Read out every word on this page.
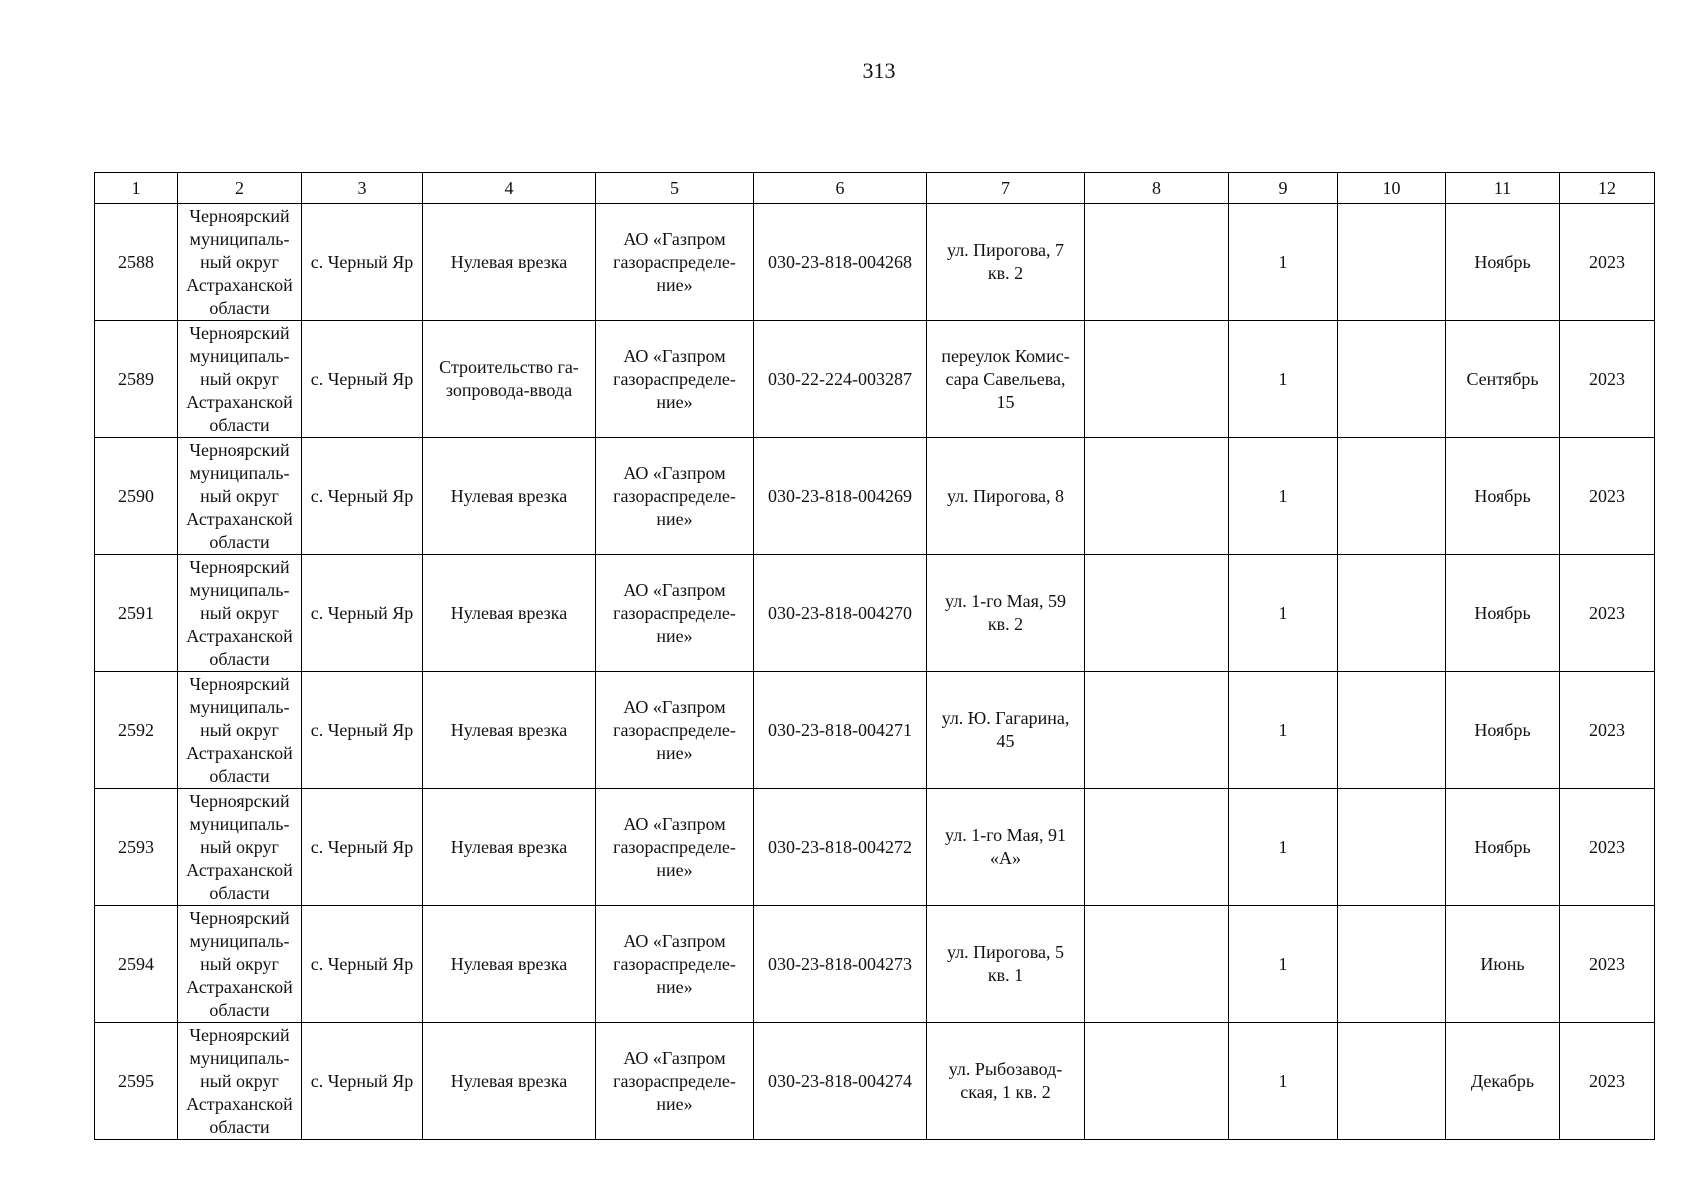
313
1	2	3	4	5	6	7	8	9	10	11	12
2588	Черноярский
муниципаль-
ный округ
Астраханской
области	с. Черный Яр	Нулевая врезка	АО «Газпром
газораспределе-
ние»	030-23-818-004268	ул. Пирогова, 7
кв. 2		1		Ноябрь	2023
2589	Черноярский
муниципаль-
ный округ
Астраханской
области	с. Черный Яр	Строительство га-
зопровода-ввода	АО «Газпром
газораспределе-
ние»	030-22-224-003287	переулок Комис-
сара Савельева,
15		1		Сентябрь	2023
2590	Черноярский
муниципаль-
ный округ
Астраханской
области	с. Черный Яр	Нулевая врезка	АО «Газпром
газораспределе-
ние»	030-23-818-004269	ул. Пирогова, 8		1		Ноябрь	2023
2591	Черноярский
муниципаль-
ный округ
Астраханской
области	с. Черный Яр	Нулевая врезка	АО «Газпром
газораспределе-
ние»	030-23-818-004270	ул. 1-го Мая, 59
кв. 2		1		Ноябрь	2023
2592	Черноярский
муниципаль-
ный округ
Астраханской
области	с. Черный Яр	Нулевая врезка	АО «Газпром
газораспределе-
ние»	030-23-818-004271	ул. Ю. Гагарина,
45		1		Ноябрь	2023
2593	Черноярский
муниципаль-
ный округ
Астраханской
области	с. Черный Яр	Нулевая врезка	АО «Газпром
газораспределе-
ние»	030-23-818-004272	ул. 1-го Мая, 91
«А»		1		Ноябрь	2023
2594	Черноярский
муниципаль-
ный округ
Астраханской
области	с. Черный Яр	Нулевая врезка	АО «Газпром
газораспределе-
ние»	030-23-818-004273	ул. Пирогова, 5
кв. 1		1		Июнь	2023
2595	Черноярский
муниципаль-
ный округ
Астраханской
области	с. Черный Яр	Нулевая врезка	АО «Газпром
газораспределе-
ние»	030-23-818-004274	ул. Рыбозавод-
ская, 1 кв. 2		1		Декабрь	2023
